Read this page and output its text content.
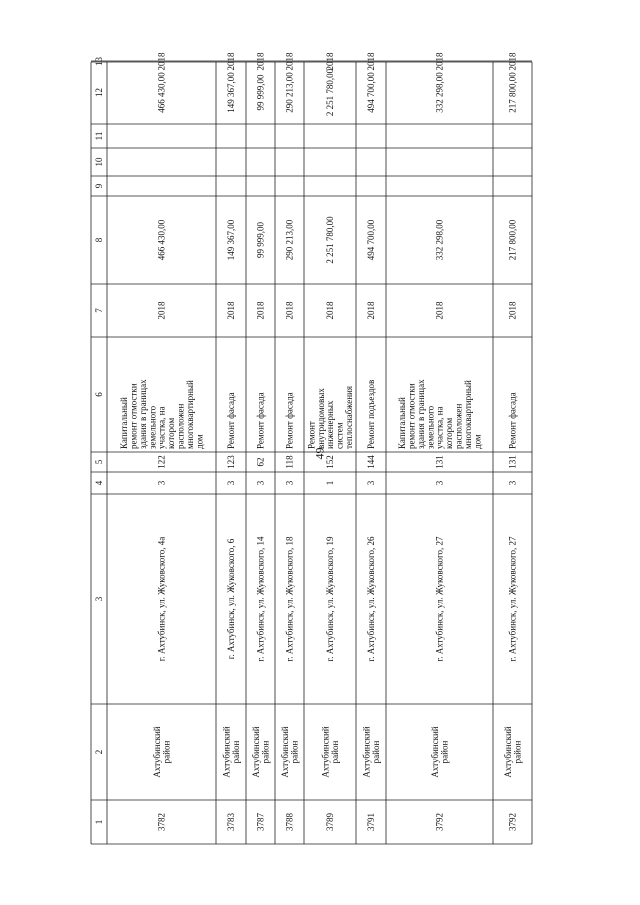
49
1
2
3
4
5
6
7
8
9
10
11
12
13
3782
Ахтубинский район
г. Ахтубинск, ул. Жуковского, 4а
3
122
Капитальный ремонт отмостки здания в границах земельного участка, на котором расположен многоквартирный дом
2018
466 430,00
466 430,00
2018
3783
Ахтубинский район
г. Ахтубинск, ул. Жуковского, 6
3
123
Ремонт фасада
2018
149 367,00
149 367,00
2018
3787
Ахтубинский район
г. Ахтубинск, ул. Жуковского, 14
3
62
Ремонт фасада
2018
99 999,00
99 999,00
2018
3788
Ахтубинский район
г. Ахтубинск, ул. Жуковского, 18
3
118
Ремонт фасада
2018
290 213,00
290 213,00
2018
3789
Ахтубинский район
г. Ахтубинск, ул. Жуковского, 19
1
152
Ремонт внутридомовых инженерных систем теплоснабжения
2018
2 251 780,00
2 251 780,00
2018
3791
Ахтубинский район
г. Ахтубинск, ул. Жуковского, 26
3
144
Ремонт подъездов
2018
494 700,00
494 700,00
2018
3792
Ахтубинский район
г. Ахтубинск, ул. Жуковского, 27
3
131
Капитальный ремонт отмостки здания в границах земельного участка, на котором расположен многоквартирный дом
2018
332 298,00
332 298,00
2018
3792
Ахтубинский район
г. Ахтубинск, ул. Жуковского, 27
3
131
Ремонт фасада
2018
217 800,00
217 800,00
2018
